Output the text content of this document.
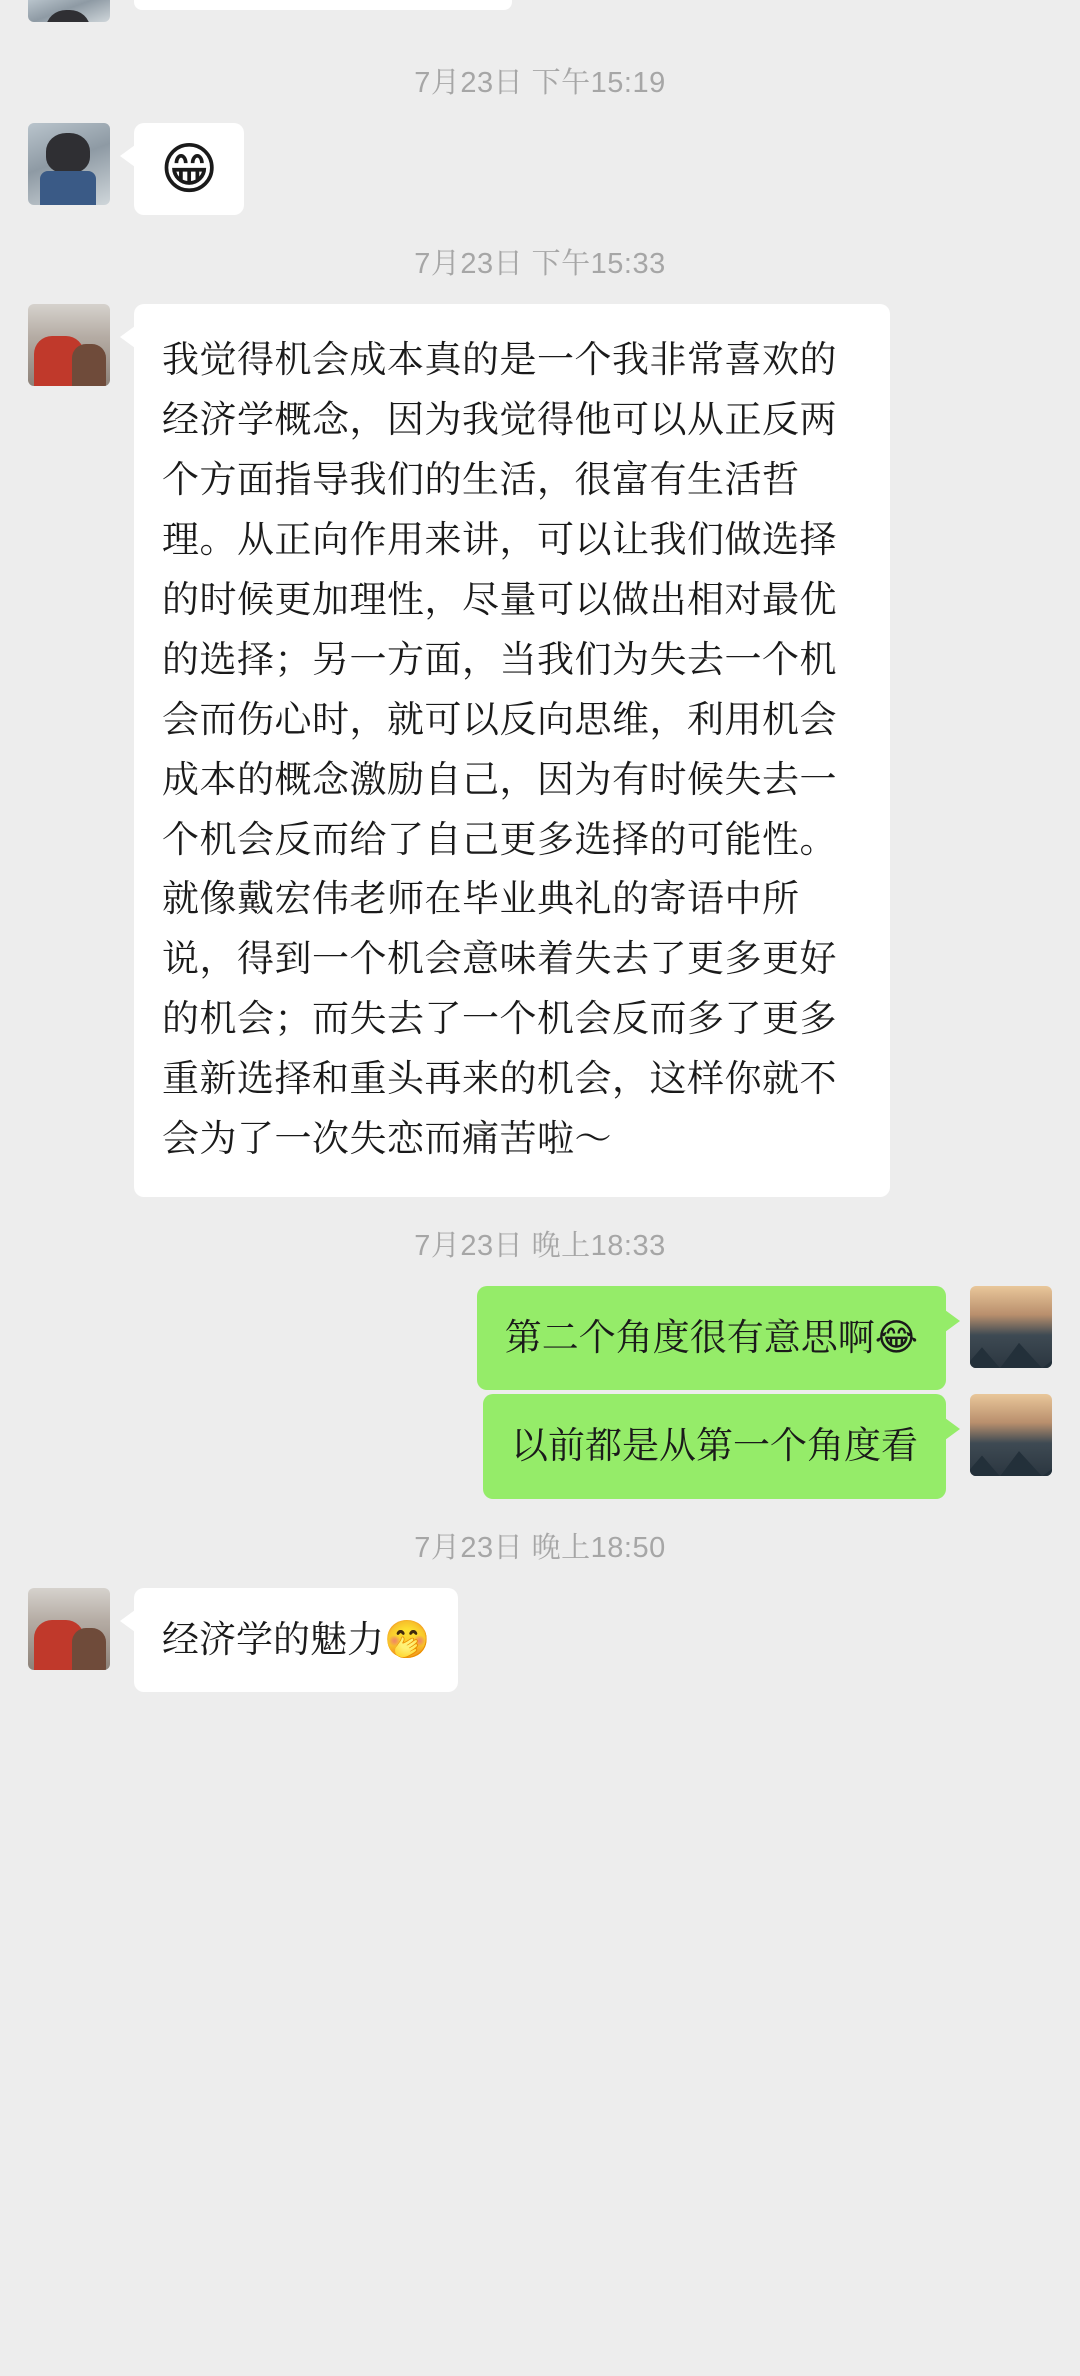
7月23日 下午15:19
😁
7月23日 下午15:33
我觉得机会成本真的是一个我非常喜欢的经济学概念，因为我觉得他可以从正反两个方面指导我们的生活，很富有生活哲理。从正向作用来讲，可以让我们做选择的时候更加理性，尽量可以做出相对最优的选择；另一方面，当我们为失去一个机会而伤心时，就可以反向思维，利用机会成本的概念激励自己，因为有时候失去一个机会反而给了自己更多选择的可能性。就像戴宏伟老师在毕业典礼的寄语中所说，得到一个机会意味着失去了更多更好的机会；而失去了一个机会反而多了更多重新选择和重头再来的机会，这样你就不会为了一次失恋而痛苦啦～
7月23日 晚上18:33
第二个角度很有意思啊😂
以前都是从第一个角度看
7月23日 晚上18:50
经济学的魅力🤭
